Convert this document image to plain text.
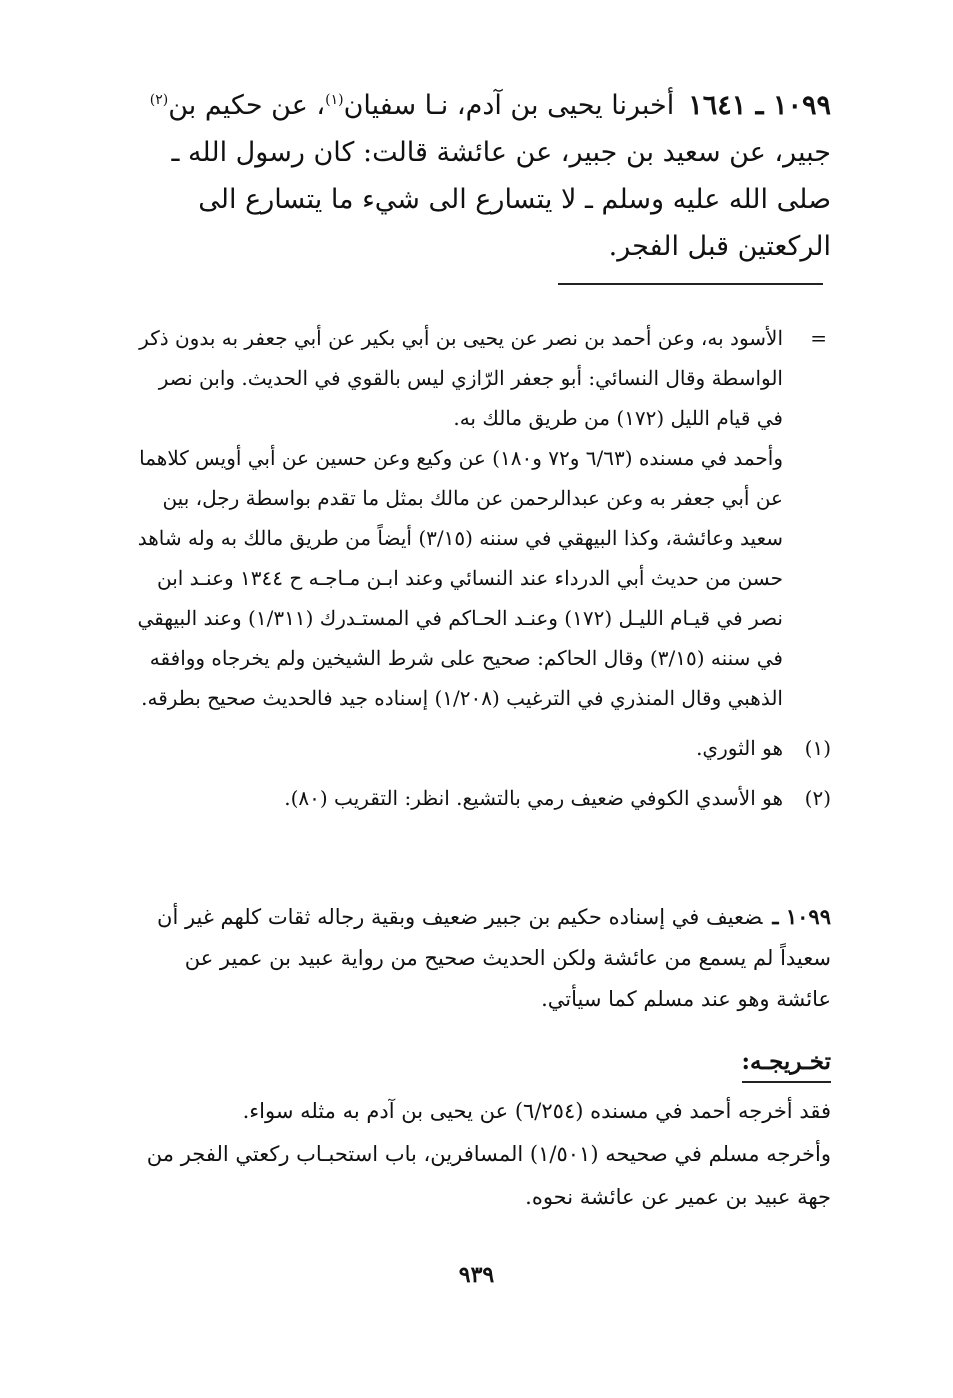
١٠٩٩ ـ ١٦٤١أخبرنا يحيى بن آدم، نـا سفيان$^{(١)}$، عن حكيم بن$^{(٢)}$ جبير، عن سعيد بن جبير، عن عائشة قالت: كان رسول الله ـ صلى الله عليه وسلم ـ لا يتسارع الى شيء ما يتسارع الى الركعتين قبل الفجر.

=

الأسود به، وعن أحمد بن نصر عن يحيى بن أبي بكير عن أبي جعفر به بدون ذكر الواسطة وقال النسائي: أبو جعفر الرّازي ليس بالقوي في الحديث. وابن نصر في قيام الليل (١٧٢) من طريق مالك به.

وأحمد في مسنده (٦/٦٣ و٧٢ و١٨٠) عن وكيع وعن حسين عن أبي أويس كلاهما عن أبي جعفر به وعن عبدالرحمن عن مالك بمثل ما تقدم بواسطة رجل، بين سعيد وعائشة، وكذا البيهقي في سننه (٣/١٥) أيضاً من طريق مالك به وله شاهد حسن من حديث أبي الدرداء عند النسائي وعند ابـن مـاجـه ح ١٣٤٤ وعنـد ابن نصر في قيـام الليـل (١٧٢) وعنـد الحـاكم في المستـدرك (١/٣١١) وعند البيهقي في سننه (٣/١٥) وقال الحاكم: صحيح على شرط الشيخين ولم يخرجاه ووافقه الذهبي وقال المنذري في الترغيب (١/٢٠٨) إسناده جيد فالحديث صحيح بطرقه.

(١)
هو الثوري.
(٢)
هو الأسدي الكوفي ضعيف رمي بالتشيع. انظر: التقريب (٨٠).

١٠٩٩ ـضعيف في إسناده حكيم بن جبير ضعيف وبقية رجاله ثقات كلهم غير أن سعيداً لم يسمع من عائشة ولكن الحديث صحيح من رواية عبيد بن عمير عن عائشة وهو عند مسلم كما سيأتي.

تخـريجـه:

فقد أخرجه أحمد في مسنده (٦/٢٥٤) عن يحيى بن آدم به مثله سواء.

وأخرجه مسلم في صحيحه (١/٥٠١) المسافرين، باب استحبـاب ركعتي الفجر من جهة عبيد بن عمير عن عائشة نحوه.

٩٣٩
